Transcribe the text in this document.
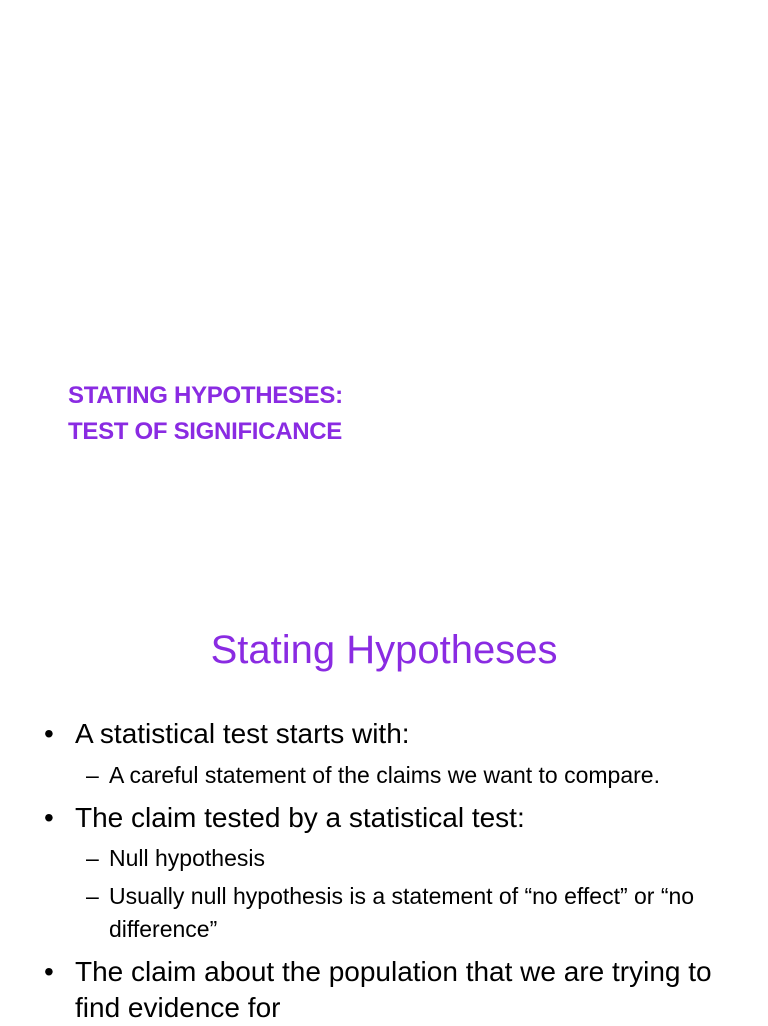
STATING HYPOTHESES:
TEST OF SIGNIFICANCE
Stating Hypotheses
• A statistical test starts with:
– A careful statement of the claims we want to compare.
• The claim tested by a statistical test:
– Null hypothesis
– Usually null hypothesis is a statement of “no effect” or “no difference”
• The claim about the population that we are trying to find evidence for
